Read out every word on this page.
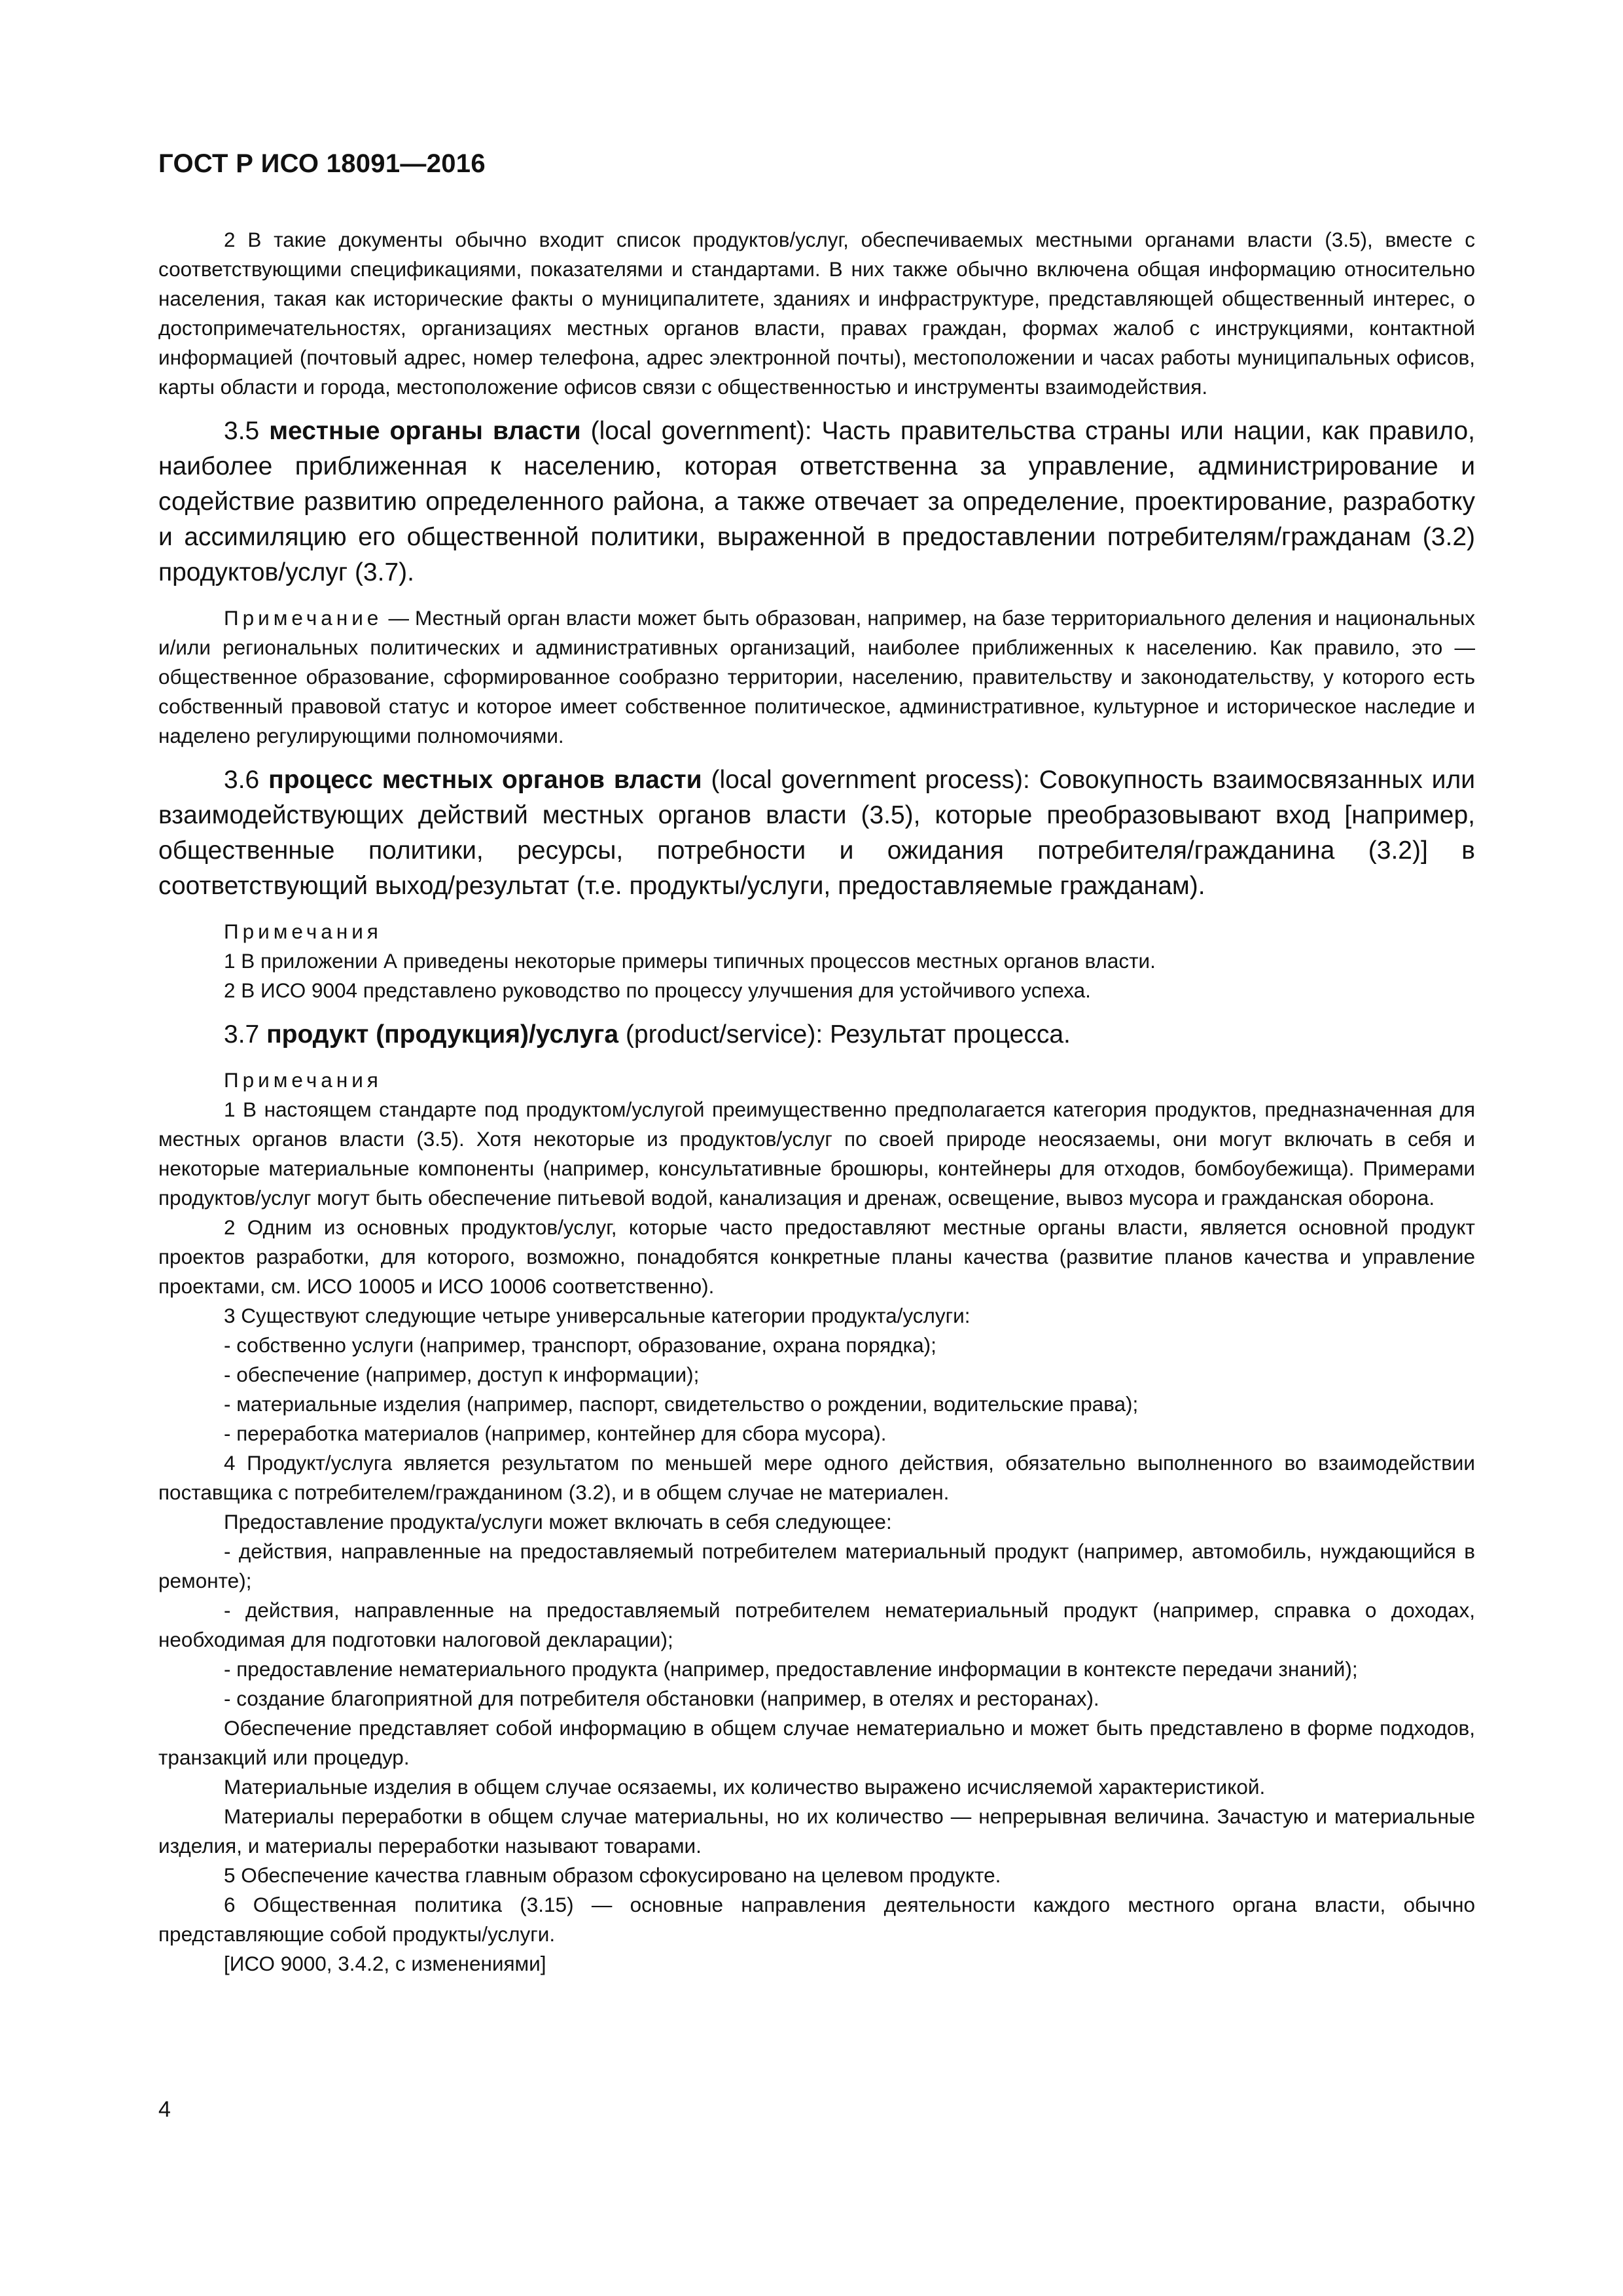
ГОСТ Р ИСО 18091—2016

2 В такие документы обычно входит список продуктов/услуг, обеспечиваемых местными органами власти (3.5), вместе с соответствующими спецификациями, показателями и стандартами. В них также обычно включена общая информацию относительно населения, такая как исторические факты о муниципалитете, зданиях и инфраструктуре, представляющей общественный интерес, о достопримечательностях, организациях местных органов власти, правах граждан, формах жалоб с инструкциями, контактной информацией (почтовый адрес, номер телефона, адрес электронной почты), местоположении и часах работы муниципальных офисов, карты области и города, местоположение офисов связи с общественностью и инструменты взаимодействия.

3.5 местные органы власти (local government): Часть правительства страны или нации, как правило, наиболее приближенная к населению, которая ответственна за управление, администрирование и содействие развитию определенного района, а также отвечает за определение, проектирование, разработку и ассимиляцию его общественной политики, выраженной в предоставлении потребителям/гражданам (3.2) продуктов/услуг (3.7).

Примечание — Местный орган власти может быть образован, например, на базе территориального деления и национальных и/или региональных политических и административных организаций, наиболее приближенных к населению. Как правило, это — общественное образование, сформированное сообразно территории, населению, правительству и законодательству, у которого есть собственный правовой статус и которое имеет собственное политическое, административное, культурное и историческое наследие и наделено регулирующими полномочиями.

3.6 процесс местных органов власти (local government process): Совокупность взаимосвязанных или взаимодействующих действий местных органов власти (3.5), которые преобразовывают вход [например, общественные политики, ресурсы, потребности и ожидания потребителя/гражданина (3.2)] в соответствующий выход/результат (т.е. продукты/услуги, предоставляемые гражданам).

Примечания

1 В приложении А приведены некоторые примеры типичных процессов местных органов власти.

2 В ИСО 9004 представлено руководство по процессу улучшения для устойчивого успеха.

3.7 продукт (продукция)/услуга (product/service): Результат процесса.

Примечания

1 В настоящем стандарте под продуктом/услугой преимущественно предполагается категория продуктов, предназначенная для местных органов власти (3.5). Хотя некоторые из продуктов/услуг по своей природе неосязаемы, они могут включать в себя и некоторые материальные компоненты (например, консультативные брошюры, контейнеры для отходов, бомбоубежища). Примерами продуктов/услуг могут быть обеспечение питьевой водой, канализация и дренаж, освещение, вывоз мусора и гражданская оборона.

2 Одним из основных продуктов/услуг, которые часто предоставляют местные органы власти, является основной продукт проектов разработки, для которого, возможно, понадобятся конкретные планы качества (развитие планов качества и управление проектами, см. ИСО 10005 и ИСО 10006 соответственно).

3 Существуют следующие четыре универсальные категории продукта/услуги:

- собственно услуги (например, транспорт, образование, охрана порядка);

- обеспечение (например, доступ к информации);

- материальные изделия (например, паспорт, свидетельство о рождении, водительские права);

- переработка материалов (например, контейнер для сбора мусора).

4 Продукт/услуга является результатом по меньшей мере одного действия, обязательно выполненного во взаимодействии поставщика с потребителем/гражданином (3.2), и в общем случае не материален.

Предоставление продукта/услуги может включать в себя следующее:

- действия, направленные на предоставляемый потребителем материальный продукт (например, автомобиль, нуждающийся в ремонте);

- действия, направленные на предоставляемый потребителем нематериальный продукт (например, справка о доходах, необходимая для подготовки налоговой декларации);

- предоставление нематериального продукта (например, предоставление информации в контексте передачи знаний);

- создание благоприятной для потребителя обстановки (например, в отелях и ресторанах).

Обеспечение представляет собой информацию в общем случае нематериально и может быть представлено в форме подходов, транзакций или процедур.

Материальные изделия в общем случае осязаемы, их количество выражено исчисляемой характеристикой.

Материалы переработки в общем случае материальны, но их количество — непрерывная величина. Зачастую и материальные изделия, и материалы переработки называют товарами.

5 Обеспечение качества главным образом сфокусировано на целевом продукте.

6 Общественная политика (3.15) — основные направления деятельности каждого местного органа власти, обычно представляющие собой продукты/услуги.

[ИСО 9000, 3.4.2, с изменениями]

4
